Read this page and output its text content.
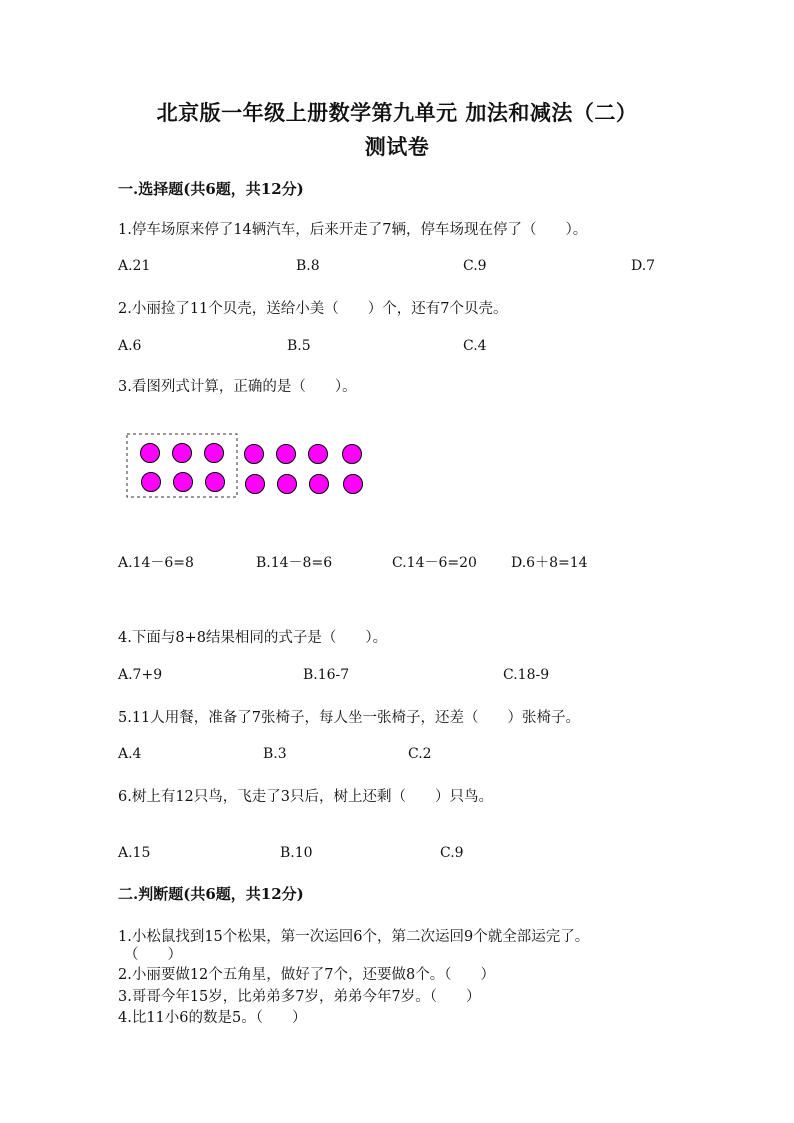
北京版一年级上册数学第九单元 加法和减法（二）
测试卷
一.选择题(共6题，共12分)
1.停车场原来停了14辆汽车，后来开走了7辆，停车场现在停了（　　）。
A.21	B.8	C.9	D.7
2.小丽捡了11个贝壳，送给小美（　　）个，还有7个贝壳。
A.6	B.5	C.4
3.看图列式计算，正确的是（　　）。
A.14－6=8	B.14－8=6	C.14－6=20 D.6＋8=14
4.下面与8+8结果相同的式子是（　　）。
A.7+9	B.16-7	C.18-9
5.11人用餐，准备了7张椅子，每人坐一张椅子，还差（　　）张椅子。
A.4	B.3	C.2
6.树上有12只鸟，飞走了3只后，树上还剩（　　）只鸟。
A.15	B.10	C.9
二.判断题(共6题，共12分)
1.小松鼠找到15个松果，第一次运回6个，第二次运回9个就全部运完了。
（　　）
2.小丽要做12个五角星，做好了7个，还要做8个。（　　）
3.哥哥今年15岁，比弟弟多7岁，弟弟今年7岁。（　　）
4.比11小6的数是5。（　　）
